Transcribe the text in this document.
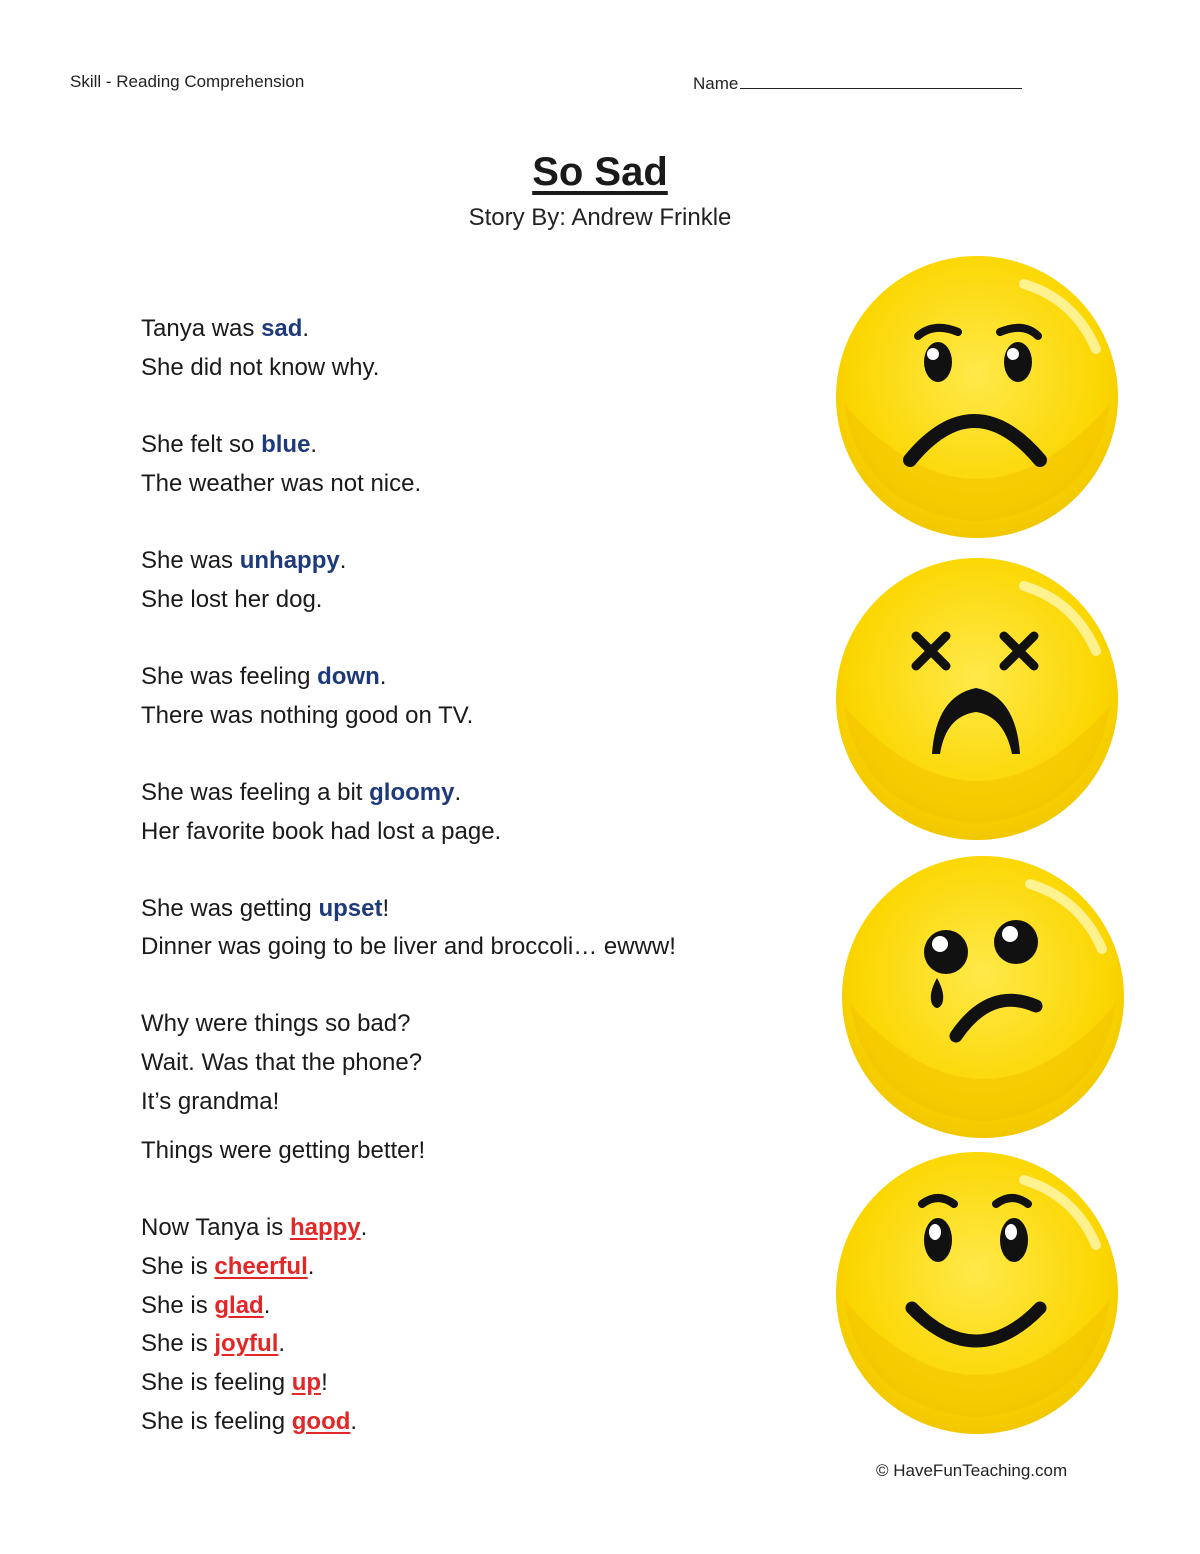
Skill - Reading Comprehension	Name
So Sad
Story By: Andrew Frinkle
Tanya was sad.
She did not know why.
She felt so blue.
The weather was not nice.
She was unhappy.
She lost her dog.
She was feeling down.
There was nothing good on TV.
She was feeling a bit gloomy.
Her favorite book had lost a page.
She was getting upset!
Dinner was going to be liver and broccoli… ewww!
Why were things so bad?
Wait. Was that the phone?
It’s grandma!
Things were getting better!
Now Tanya is happy.
She is cheerful.
She is glad.
She is joyful.
She is feeling up!
She is feeling good.
© HaveFunTeaching.com
